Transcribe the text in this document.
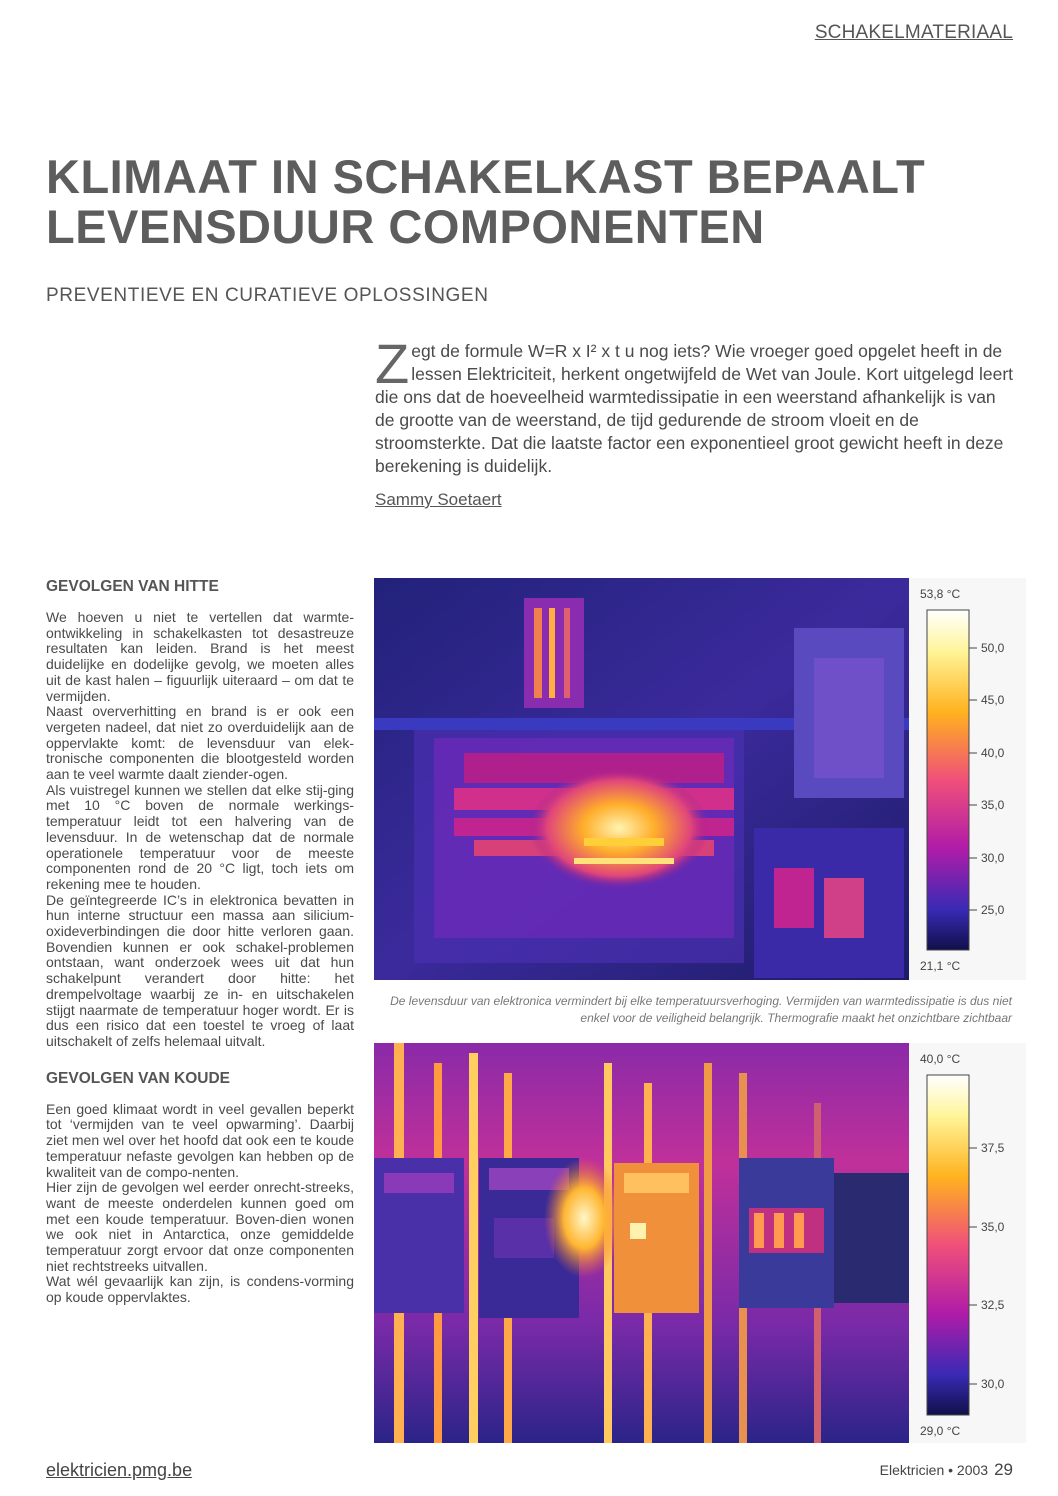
SCHAKELMATERIAAL
KLIMAAT IN SCHAKELKAST BEPAALT
LEVENSDUUR COMPONENTEN
PREVENTIEVE EN CURATIEVE OPLOSSINGEN
Zegt de formule W=R x I² x t u nog iets? Wie vroeger goed opgelet heeft in de lessen Elektriciteit, herkent ongetwijfeld de Wet van Joule. Kort uitgelegd leert die ons dat de hoeveelheid warmtedissipatie in een weerstand afhankelijk is van de grootte van de weerstand, de tijd gedurende de stroom vloeit en de stroomsterkte. Dat die laatste factor een exponentieel groot gewicht heeft in deze berekening is duidelijk.
Sammy Soetaert
GEVOLGEN VAN HITTE

We hoeven u niet te vertellen dat warmte-ontwikkeling in schakelkasten tot desastreuze resultaten kan leiden. Brand is het meest duidelijke en dodelijke gevolg, we moeten alles uit de kast halen – figuurlijk uiteraard – om dat te vermijden.

Naast oververhitting en brand is er ook een vergeten nadeel, dat niet zo overduidelijk aan de oppervlakte komt: de levensduur van elek-tronische componenten die blootgesteld worden aan te veel warmte daalt ziender-ogen.

Als vuistregel kunnen we stellen dat elke stij-ging met 10 °C boven de normale werkings-temperatuur leidt tot een halvering van de levensduur. In de wetenschap dat de normale operationele temperatuur voor de meeste componenten rond de 20 °C ligt, toch iets om rekening mee te houden.

De geïntegreerde IC’s in elektronica bevatten in hun interne structuur een massa aan silicium-oxideverbindingen die door hitte verloren gaan. Bovendien kunnen er ook schakel-problemen ontstaan, want onderzoek wees uit dat hun schakelpunt verandert door hitte: het drempelvoltage waarbij ze in- en uitschakelen stijgt naarmate de temperatuur hoger wordt. Er is dus een risico dat een toestel te vroeg of laat uitschakelt of zelfs helemaal uitvalt.

GEVOLGEN VAN KOUDE

Een goed klimaat wordt in veel gevallen beperkt tot ‘vermijden van te veel opwarming’. Daarbij ziet men wel over het hoofd dat ook een te koude temperatuur nefaste gevolgen kan hebben op de kwaliteit van de compo-nenten.

Hier zijn de gevolgen wel eerder onrecht-streeks, want de meeste onderdelen kunnen goed om met een koude temperatuur. Boven-dien wonen we ook niet in Antarctica, onze gemiddelde temperatuur zorgt ervoor dat onze componenten niet rechtstreeks uitvallen.

Wat wél gevaarlijk kan zijn, is condens-vorming op koude oppervlaktes.

53,8 °C
21,1 °C
50,0
45,0
40,0
35,0
30,0
25,0
De levensduur van elektronica vermindert bij elke temperatuursverhoging. Vermijden van warmtedissipatie is dus niet enkel voor de veiligheid belangrijk. Thermografie maakt het onzichtbare zichtbaar
40,0 °C
29,0 °C
37,5
35,0
32,5
30,0
elektricien.pmg.be	Elektricien • 2003 29
